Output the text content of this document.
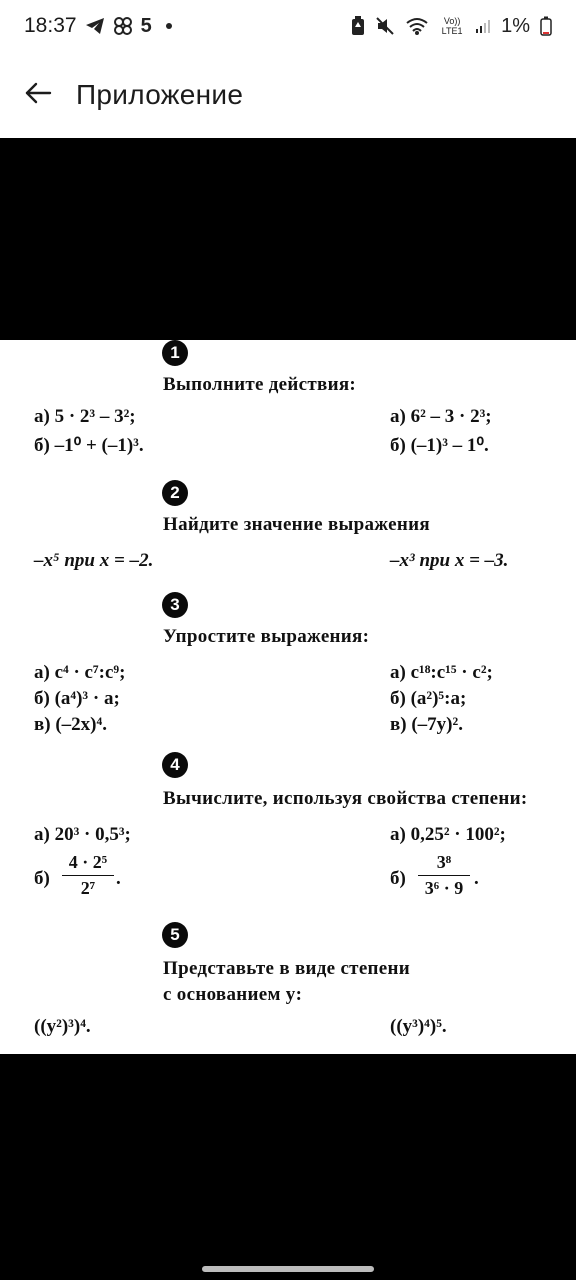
18:37	5	Vo)) LTE1 1%
Приложение
1
Выполните действия:
а) 5 · 2³ – 3²;
б) –1⁰ + (–1)³.
а) 6² – 3 · 2³;
б) (–1)³ – 1⁰.
2
Найдите значение выражения
–x⁵ при x = –2.	–x³ при x = –3.
3
Упростите выражения:
а) c⁴ · c⁷:c⁹;
б) (a⁴)³ · a;
в) (–2x)⁴.
а) c¹⁸:c¹⁵ · c²;
б) (a²)⁵:a;
в) (–7y)².
4
Вычислите, используя свойства степени:
а) 20³ · 0,5³;
б)
4 · 2⁵
2⁷	.
а) 0,25² · 100²;
б)
3⁸
3⁶ · 9 .
5
Представьте в виде степени
с основанием y:
((y²)³)⁴.	((y³)⁴)⁵.
